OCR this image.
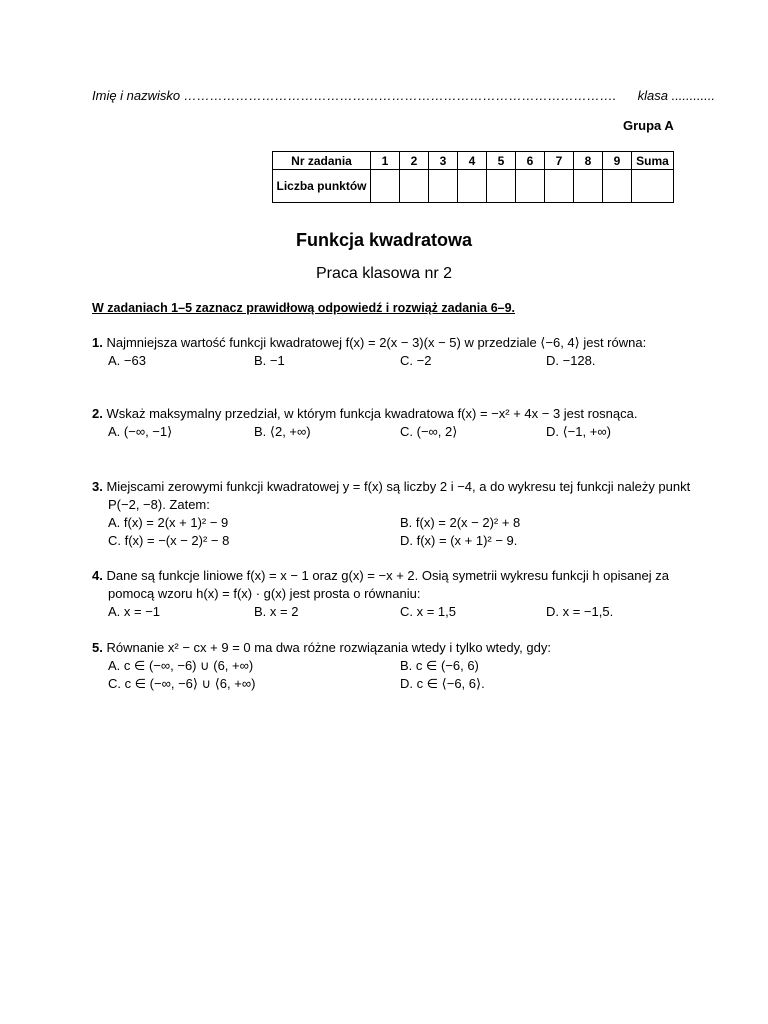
Imię i nazwisko ………………………………………………………………………………………. klasa ............
Grupa A
Nr zadania	1	2	3	4	5	6	7	8	9	Suma
Liczba punktów										
Funkcja kwadratowa
Praca klasowa nr 2
W zadaniach 1–5 zaznacz prawidłową odpowiedź i rozwiąż zadania 6–9.

1. Najmniejsza wartość funkcji kwadratowej f(x) = 2(x − 3)(x − 5) w przedziale ⟨−6, 4⟩ jest równa:

A. −63	B. −1	C. −2	D. −128.

2. Wskaż maksymalny przedział, w którym funkcja kwadratowa f(x) = −x² + 4x − 3 jest rosnąca.

A. (−∞, −1⟩	B. ⟨2, +∞)	C. (−∞, 2⟩	D. ⟨−1, +∞)

3. Miejscami zerowymi funkcji kwadratowej y = f(x) są liczby 2 i −4, a do wykresu tej funkcji należy punkt P(−2, −8). Zatem:

A. f(x) = 2(x + 1)² − 9	B. f(x) = 2(x − 2)² + 8
C. f(x) = −(x − 2)² − 8	D. f(x) = (x + 1)² − 9.

4. Dane są funkcje liniowe f(x) = x − 1 oraz g(x) = −x + 2. Osią symetrii wykresu funkcji h opisanej za pomocą wzoru h(x) = f(x) · g(x) jest prosta o równaniu:

A. x = −1	B. x = 2	C. x = 1,5	D. x = −1,5.

5. Równanie x² − cx + 9 = 0 ma dwa różne rozwiązania wtedy i tylko wtedy, gdy:

A. c ∈ (−∞, −6) ∪ (6, +∞)	B. c ∈ (−6, 6)
C. c ∈ (−∞, −6⟩ ∪ ⟨6, +∞)	D. c ∈ ⟨−6, 6⟩.
